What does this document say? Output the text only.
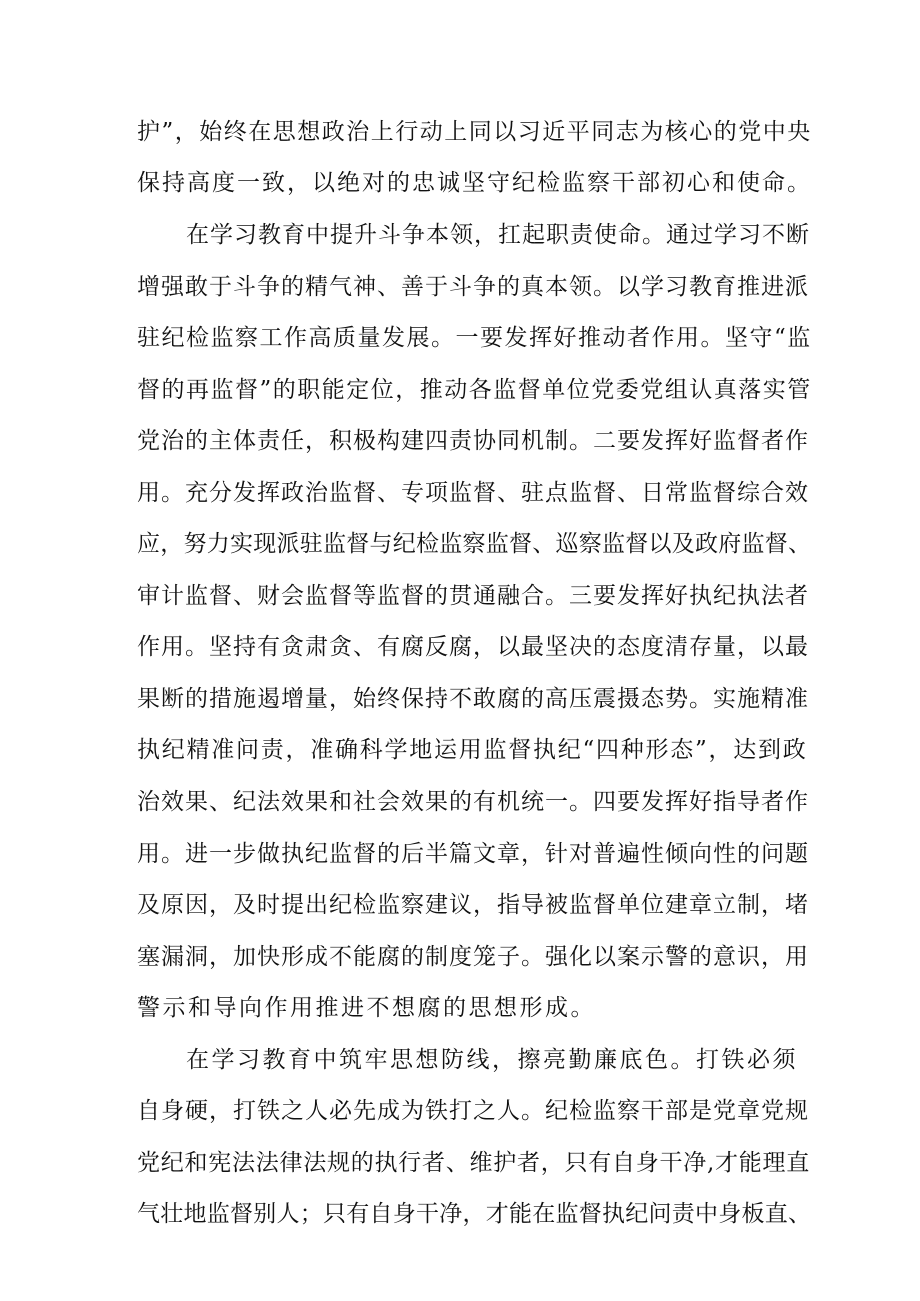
护”，始终在思想政治上行动上同以习近平同志为核心的党中央
保持高度一致，以绝对的忠诚坚守纪检监察干部初心和使命。
在学习教育中提升斗争本领，扛起职责使命。通过学习不断
增强敢于斗争的精气神、善于斗争的真本领。以学习教育推进派
驻纪检监察工作高质量发展。一要发挥好推动者作用。坚守“监
督的再监督”的职能定位，推动各监督单位党委党组认真落实管
党治的主体责任，积极构建四责协同机制。二要发挥好监督者作
用。充分发挥政治监督、专项监督、驻点监督、日常监督综合效
应，努力实现派驻监督与纪检监察监督、巡察监督以及政府监督、
审计监督、财会监督等监督的贯通融合。三要发挥好执纪执法者
作用。坚持有贪肃贪、有腐反腐，以最坚决的态度清存量，以最
果断的措施遏增量，始终保持不敢腐的高压震摄态势。实施精准
执纪精准问责，准确科学地运用监督执纪“四种形态”，达到政
治效果、纪法效果和社会效果的有机统一。四要发挥好指导者作
用。进一步做执纪监督的后半篇文章，针对普遍性倾向性的问题
及原因，及时提出纪检监察建议，指导被监督单位建章立制，堵
塞漏洞，加快形成不能腐的制度笼子。强化以案示警的意识，用
警示和导向作用推进不想腐的思想形成。
在学习教育中筑牢思想防线，擦亮勤廉底色。打铁必须
自身硬，打铁之人必先成为铁打之人。纪检监察干部是党章党规
党纪和宪法法律法规的执行者、维护者，只有自身干净,才能理直
气壮地监督别人；只有自身干净，才能在监督执纪问责中身板直、
